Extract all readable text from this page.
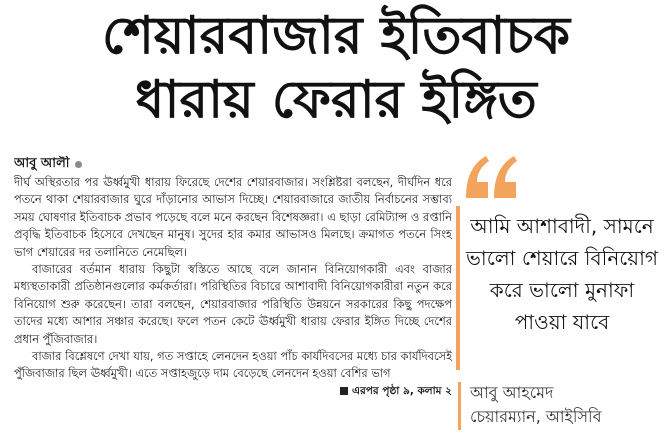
শেয়ারবাজার ইতিবাচক
ধারায় ফেরার ইঙ্গিত
আবু আলী

দীর্ঘ অস্থিরতার পর ঊর্ধ্বমুখী ধারায় ফিরেছে দেশের শেয়ারবাজার। সংশ্লিষ্টরা বলছেন, দীর্ঘদিন ধরে পতনে থাকা শেয়ারবাজার ঘুরে দাঁড়ানোর আভাস দিচ্ছে। শেয়ারবাজারে জাতীয় নির্বাচনের সম্ভাব্য সময় ঘোষণার ইতিবাচক প্রভাব পড়েছে বলে মনে করছেন বিশেষজ্ঞরা। এ ছাড়া রেমিট্যান্স ও রপ্তানি প্রবৃদ্ধি ইতিবাচক হিসেবে দেখছেন মানুষ। সুদের হার কমার আভাসও মিলছে। ক্রমাগত পতনে সিংহ ভাগ শেয়ারের দর তলানিতে নেমেছিল।

বাজারের বর্তমান ধারায় কিছুটা স্বস্তিতে আছে বলে জানান বিনিয়োগকারী এবং বাজার মধ্যস্থতাকারী প্রতিষ্ঠানগুলোর কর্মকর্তারা। পরিস্থিতির বিচারে আশাবাদী বিনিয়োগকারীরা নতুন করে বিনিয়োগ শুরু করেছেন। তারা বলছেন, শেয়ারবাজার পরিস্থিতি উন্নয়নে সরকারের কিছু পদক্ষেপ তাদের মধ্যে আশার সঞ্চার করেছে। ফলে পতন কেটে ঊর্ধ্বমুখী ধারায় ফেরার ইঙ্গিত দিচ্ছে দেশের প্রধান পুঁজিবাজার।

বাজার বিশ্লেষণে দেখা যায়, গত সপ্তাহে লেনদেন হওয়া পাঁচ কার্যদিবসের মধ্যে চার কার্যদিবসেই পুঁজিবাজার ছিল ঊর্ধ্বমুখী। এতে সপ্তাহজুড়ে দাম বেড়েছে লেনদেন হওয়া বেশির ভাগ

এরপর পৃষ্ঠা ৯, কলাম ২

আমি আশাবাদী, সামনে ভালো শেয়ারে বিনিয়োগ করে ভালো মুনাফা পাওয়া যাবে

আবু আহমেদ

চেয়ারম্যান, আইসিবি
